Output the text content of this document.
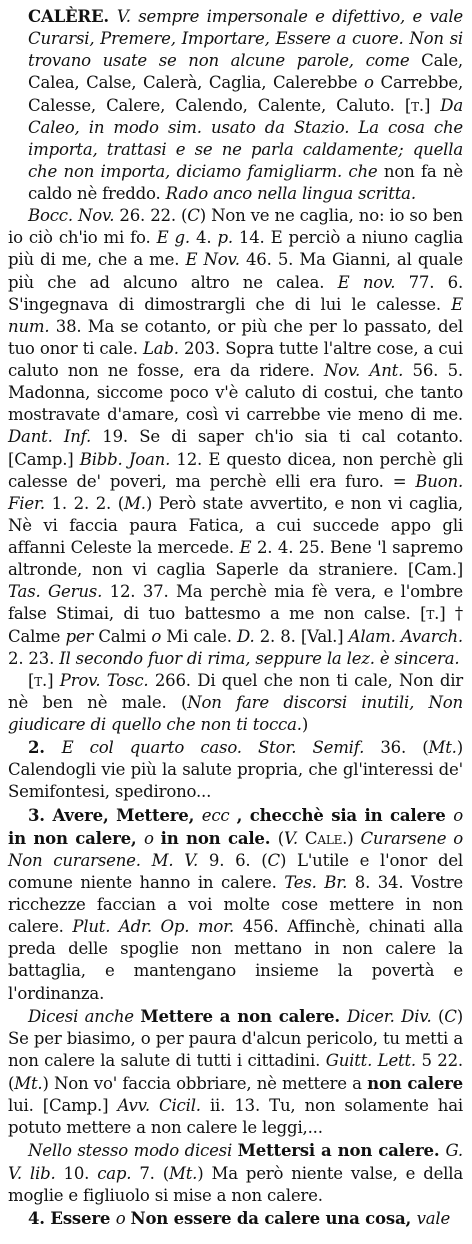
CALÈRE. V. sempre impersonale e difettivo, e vale Curarsi, Premere, Importare, Essere a cuore. Non si trovano usate se non alcune parole, come Cale, Calea, Calse, Calerà, Caglia, Calerebbe o Carrebbe, Calesse, Calere, Calendo, Calente, Caluto. [t.] Da Caleo, in modo sim. usato da Stazio. La cosa che importa, trattasi e se ne parla caldamente; quella che non importa, diciamo famigliarm. che non fa nè caldo nè freddo. Rado anco nella lingua scritta.

Bocc. Nov. 26. 22. (C) Non ve ne caglia, no: io so ben io ciò ch'io mi fo. E g. 4. p. 14. E perciò a niuno caglia più di me, che a me. E Nov. 46. 5. Ma Gianni, al quale più che ad alcuno altro ne calea. E nov. 77. 6. S'ingegnava di dimostrargli che di lui le calesse. E num. 38. Ma se cotanto, or più che per lo passato, del tuo onor ti cale. Lab. 203. Sopra tutte l'altre cose, a cui caluto non ne fosse, era da ridere. Nov. Ant. 56. 5. Madonna, siccome poco v'è caluto di costui, che tanto mostravate d'amare, così vi carrebbe vie meno di me. Dant. Inf. 19. Se di saper ch'io sia ti cal cotanto. [Camp.] Bibb. Joan. 12. E questo dicea, non perchè gli calesse de' poveri, ma perchè elli era furo. = Buon. Fier. 1. 2. 2. (M.) Però state avvertito, e non vi caglia, Nè vi faccia paura Fatica, a cui succede appo gli affanni Celeste la mercede. E 2. 4. 25. Bene 'l sapremo altronde, non vi caglia Saperle da straniere. [Cam.] Tas. Gerus. 12. 37. Ma perchè mia fè vera, e l'ombre false Stimai, di tuo battesmo a me non calse. [t.] † Calme per Calmi o Mi cale. D. 2. 8. [Val.] Alam. Avarch. 2. 23. Il secondo fuor di rima, seppure la lez. è sincera.

[t.] Prov. Tosc. 266. Di quel che non ti cale, Non dir nè ben nè male. (Non fare discorsi inutili, Non giudicare di quello che non ti tocca.)

2. E col quarto caso. Stor. Semif. 36. (Mt.) Calendogli vie più la salute propria, che gl'interessi de' Semifontesi, spedirono...

3. Avere, Mettere, ecc , checchè sia in calere o in non calere, o in non cale. (V. Cale.) Curarsene o Non curarsene. M. V. 9. 6. (C) L'utile e l'onor del comune niente hanno in calere. Tes. Br. 8. 34. Vostre ricchezze faccian a voi molte cose mettere in non calere. Plut. Adr. Op. mor. 456. Affinchè, chinati alla preda delle spoglie non mettano in non calere la battaglia, e mantengano insieme la povertà e l'ordinanza.

Dicesi anche Mettere a non calere. Dicer. Div. (C) Se per biasimo, o per paura d'alcun pericolo, tu metti a non calere la salute di tutti i cittadini. Guitt. Lett. 5 22. (Mt.) Non vo' faccia obbriare, nè mettere a non calere lui. [Camp.] Avv. Cicil. ii. 13. Tu, non solamente hai potuto mettere a non calere le leggi,...

Nello stesso modo dicesi Mettersi a non calere. G. V. lib. 10. cap. 7. (Mt.) Ma però niente valse, e della moglie e figliuolo si mise a non calere.

4. Essere o Non essere da calere una cosa, vale
